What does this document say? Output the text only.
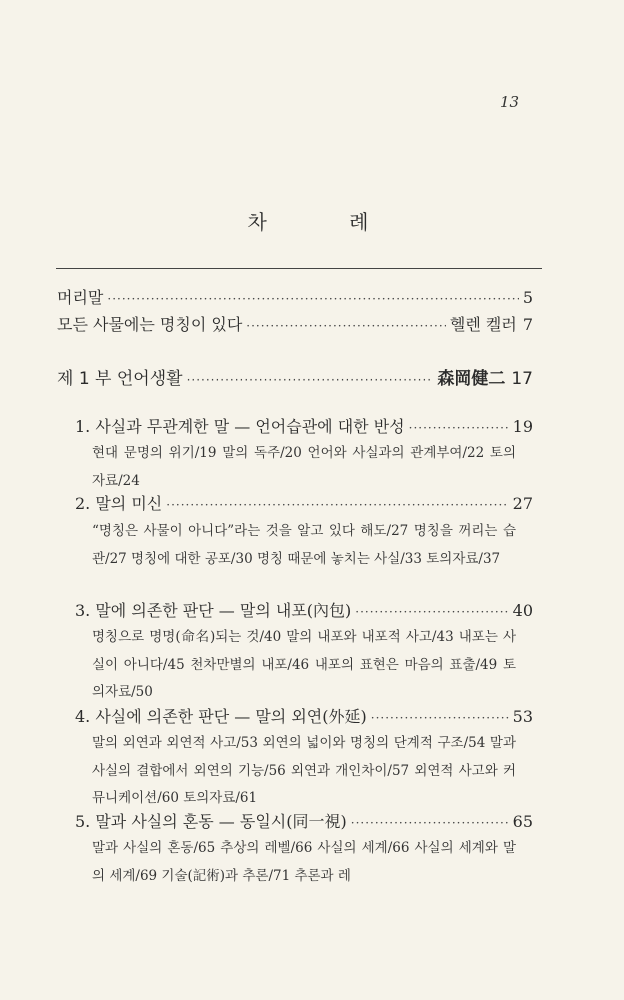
13
차 례
머리말 ·····	5
모든 사물에는 명칭이 있다 ·····	헬렌 켈러 7
제 1 부 언어생활 ·····	森岡健二 17
1. 사실과 무관계한 말 — 언어습관에 대한 반성 ·····	19
현대 문명의 위기/19 말의 독주/20 언어와 사실과의 관계부여/22 토의자료/24
2. 말의 미신 ·····	27
“명칭은 사물이 아니다”라는 것을 알고 있다 해도/27 명칭을 꺼리는 습관/27 명칭에 대한 공포/30 명칭 때문에 놓치는 사실/33 토의자료/37
3. 말에 의존한 판단 — 말의 내포(內包) ·····	40
명칭으로 명명(命名)되는 것/40 말의 내포와 내포적 사고/43 내포는 사실이 아니다/45 천차만별의 내포/46 내포의 표현은 마음의 표출/49 토의자료/50
4. 사실에 의존한 판단 — 말의 외연(外延) ·····	53
말의 외연과 외연적 사고/53 외연의 넓이와 명칭의 단계적 구조/54 말과 사실의 결합에서 외연의 기능/56 외연과 개인차이/57 외연적 사고와 커뮤니케이션/60 토의자료/61
5. 말과 사실의 혼동 — 동일시(同一視) ·····	65
말과 사실의 혼동/65 추상의 레벨/66 사실의 세계/66 사실의 세계와 말의 세계/69 기술(記術)과 추론/71 추론과 레
